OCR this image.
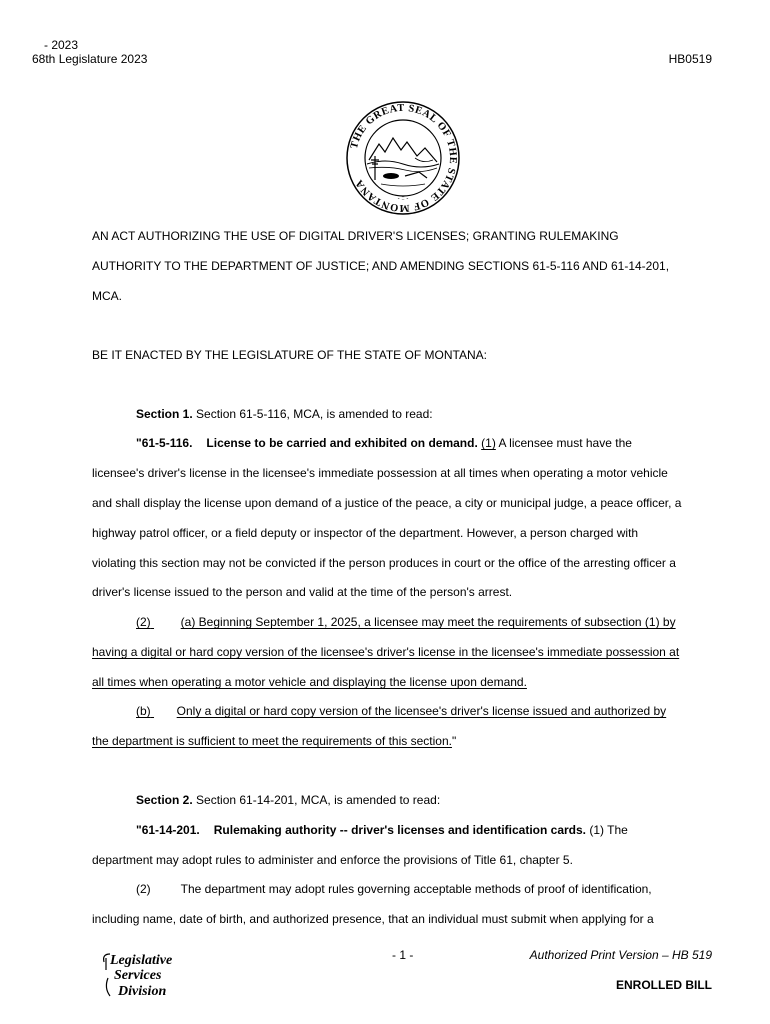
- 2023
68th Legislature 2023	HB0519
THE GREAT SEAL OF THE STATE OF MONTANA
- :: -
AN ACT AUTHORIZING THE USE OF DIGITAL DRIVER'S LICENSES; GRANTING RULEMAKING
AUTHORITY TO THE DEPARTMENT OF JUSTICE; AND AMENDING SECTIONS 61-5-116 AND 61-14-201,
MCA.
BE IT ENACTED BY THE LEGISLATURE OF THE STATE OF MONTANA:
Section 1. Section 61-5-116, MCA, is amended to read:
"61-5-116. License to be carried and exhibited on demand. (1) A licensee must have the
licensee's driver's license in the licensee's immediate possession at all times when operating a motor vehicle
and shall display the license upon demand of a justice of the peace, a city or municipal judge, a peace officer, a
highway patrol officer, or a field deputy or inspector of the department. However, a person charged with
violating this section may not be convicted if the person produces in court or the office of the arresting officer a
driver's license issued to the person and valid at the time of the person's arrest.
(2)	(a) Beginning September 1, 2025, a licensee may meet the requirements of subsection (1) by
having a digital or hard copy version of the licensee's driver's license in the licensee's immediate possession at
all times when operating a motor vehicle and displaying the license upon demand.
(b) Only a digital or hard copy version of the licensee's driver's license issued and authorized by
the department is sufficient to meet the requirements of this section."
Section 2. Section 61-14-201, MCA, is amended to read:
"61-14-201. Rulemaking authority -- driver's licenses and identification cards. (1) The
department may adopt rules to administer and enforce the provisions of Title 61, chapter 5.
(2)	The department may adopt rules governing acceptable methods of proof of identification,
including name, date of birth, and authorized presence, that an individual must submit when applying for a
Legislative
Services
Division
- 1 -	Authorized Print Version – HB 519
ENROLLED BILL
